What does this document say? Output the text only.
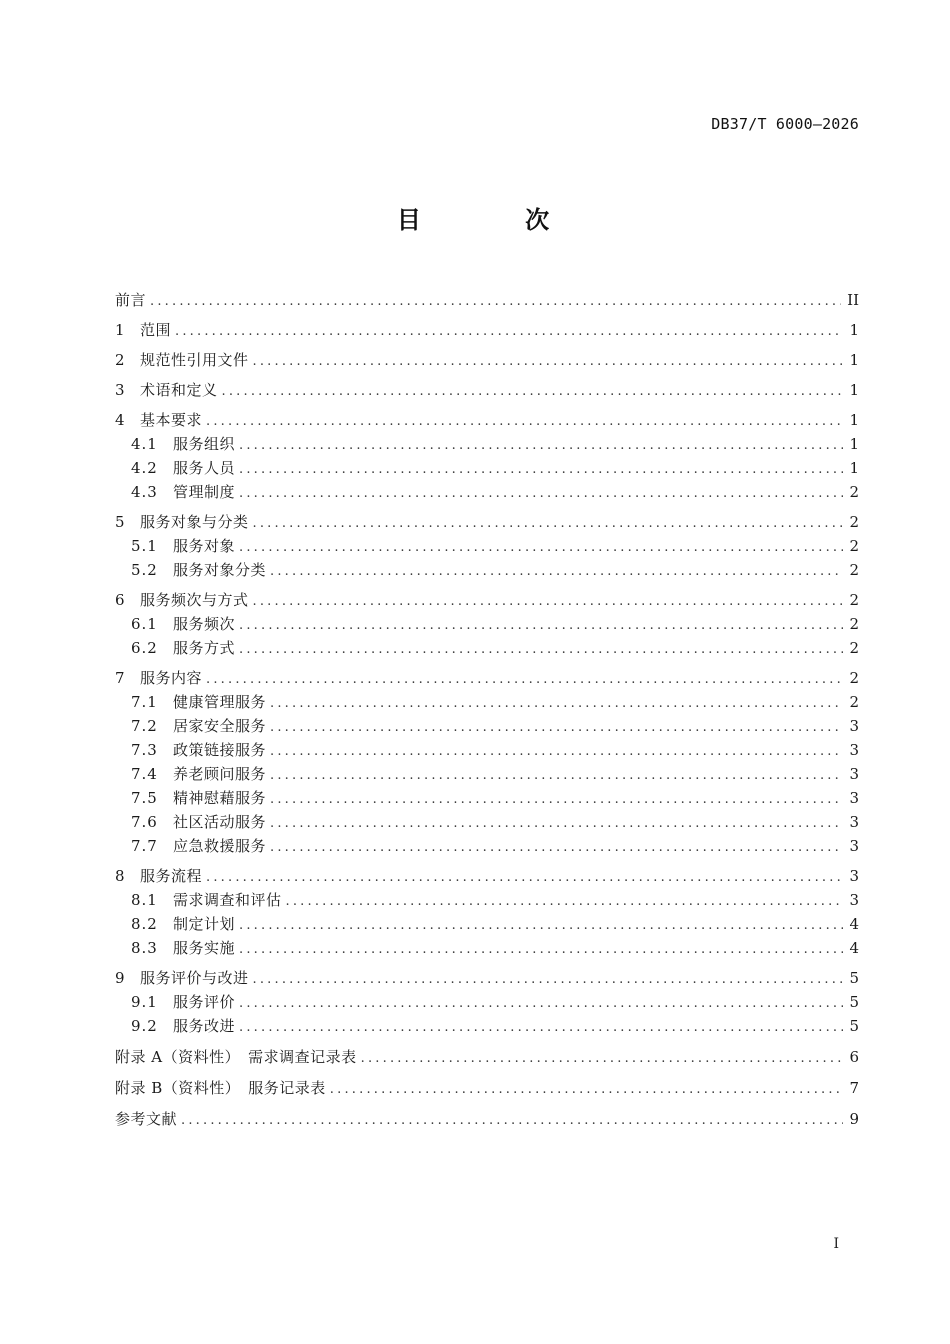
DB37/T 6000—2026
目 次
前言 .....	II
1 范围 .....	1
2 规范性引用文件 .....	1
3 术语和定义 .....	1
4 基本要求 .....	1
4.1	服务组织 .....	1
4.2	服务人员 .....	1
4.3	管理制度 .....	2
5 服务对象与分类 .....	2
5.1	服务对象 .....	2
5.2	服务对象分类 .....	2
6 服务频次与方式 .....	2
6.1	服务频次 .....	2
6.2	服务方式 .....	2
7 服务内容 .....	2
7.1	健康管理服务 .....	2
7.2	居家安全服务 .....	3
7.3	政策链接服务 .....	3
7.4	养老顾问服务 .....	3
7.5	精神慰藉服务 .....	3
7.6	社区活动服务 .....	3
7.7	应急救援服务 .....	3
8 服务流程 .....	3
8.1	需求调查和评估 .....	3
8.2	制定计划 .....	4
8.3	服务实施 .....	4
9 服务评价与改进 .....	5
9.1	服务评价 .....	5
9.2	服务改进 .....	5
附录 A（资料性）　需求调查记录表 .....	6
附录 B（资料性）　服务记录表 .....	7
参考文献 .....	9
I
